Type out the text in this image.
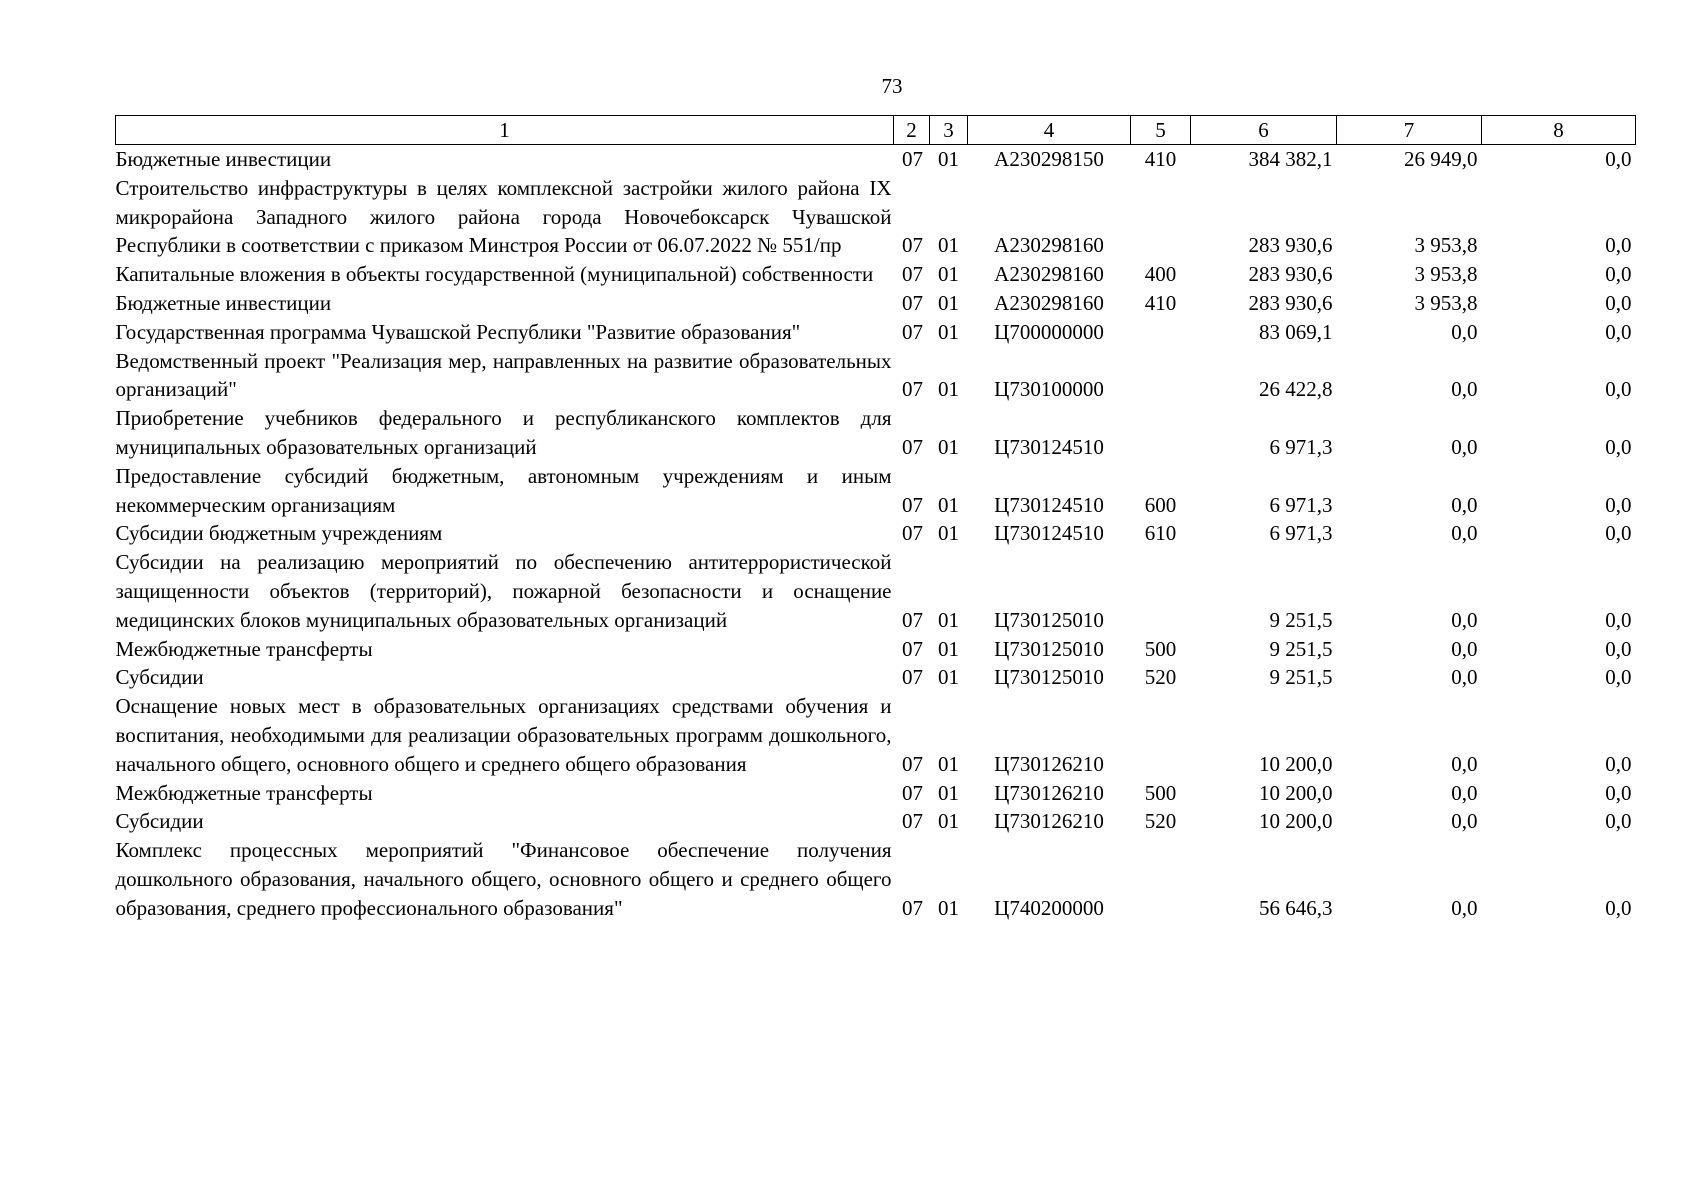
73
1	2	3	4	5	6	7	8
Бюджетные инвестиции	07	01	А230298150	410	384 382,1	26 949,0	0,0
Строительство инфраструктуры в целях комплексной застройки жилого района IX микрорайона Западного жилого района города Новочебоксарск Чувашской Республики в соответствии с приказом Минстроя России от 06.07.2022 № 551/пр	07	01	А230298160		283 930,6	3 953,8	0,0
Капитальные вложения в объекты государственной (муниципальной) собственности	07	01	А230298160	400	283 930,6	3 953,8	0,0
Бюджетные инвестиции	07	01	А230298160	410	283 930,6	3 953,8	0,0
Государственная программа Чувашской Республики "Развитие образования"	07	01	Ц700000000		83 069,1	0,0	0,0
Ведомственный проект "Реализация мер, направленных на развитие образовательных организаций"	07	01	Ц730100000		26 422,8	0,0	0,0
Приобретение учебников федерального и республиканского комплектов для муниципальных образовательных организаций	07	01	Ц730124510		6 971,3	0,0	0,0
Предоставление субсидий бюджетным, автономным учреждениям и иным некоммерческим организациям	07	01	Ц730124510	600	6 971,3	0,0	0,0
Субсидии бюджетным учреждениям	07	01	Ц730124510	610	6 971,3	0,0	0,0
Субсидии на реализацию мероприятий по обеспечению антитеррористической защищенности объектов (территорий), пожарной безопасности и оснащение медицинских блоков муниципальных образовательных организаций	07	01	Ц730125010		9 251,5	0,0	0,0
Межбюджетные трансферты	07	01	Ц730125010	500	9 251,5	0,0	0,0
Субсидии	07	01	Ц730125010	520	9 251,5	0,0	0,0
Оснащение новых мест в образовательных организациях средствами обучения и воспитания, необходимыми для реализации образовательных программ дошкольного, начального общего, основного общего и среднего общего образования	07	01	Ц730126210		10 200,0	0,0	0,0
Межбюджетные трансферты	07	01	Ц730126210	500	10 200,0	0,0	0,0
Субсидии	07	01	Ц730126210	520	10 200,0	0,0	0,0
Комплекс процессных мероприятий "Финансовое обеспечение получения дошкольного образования, начального общего, основного общего и среднего общего образования, среднего профессионального образования"	07	01	Ц740200000		56 646,3	0,0	0,0
